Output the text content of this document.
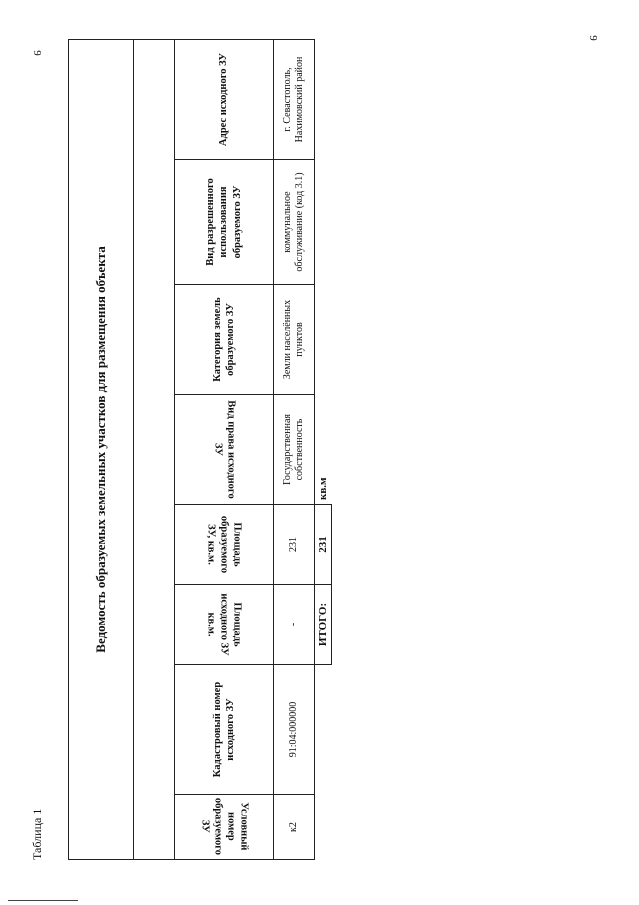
9
9
Таблица 1
Ведомость образуемых земельных участков для размещения объекта							

Условный номер образуемого ЗУ	Кадастровый номер исходного ЗУ	Площадь исходного ЗУ кв.м.	Площадь образуемого ЗУ, кв.м.	Вид права исходного ЗУ	Категория земель образуемого ЗУ	Вид разрешенного использования образуемого ЗУ	Адрес исходного ЗУ
к2	91:04:000000	-	231	Государственная собственность	Земли населённых пунктов	коммунальное обслуживание (код 3.1)	г. Севастополь, Нахимовский район
		ИТОГО:	231	кв.м			
